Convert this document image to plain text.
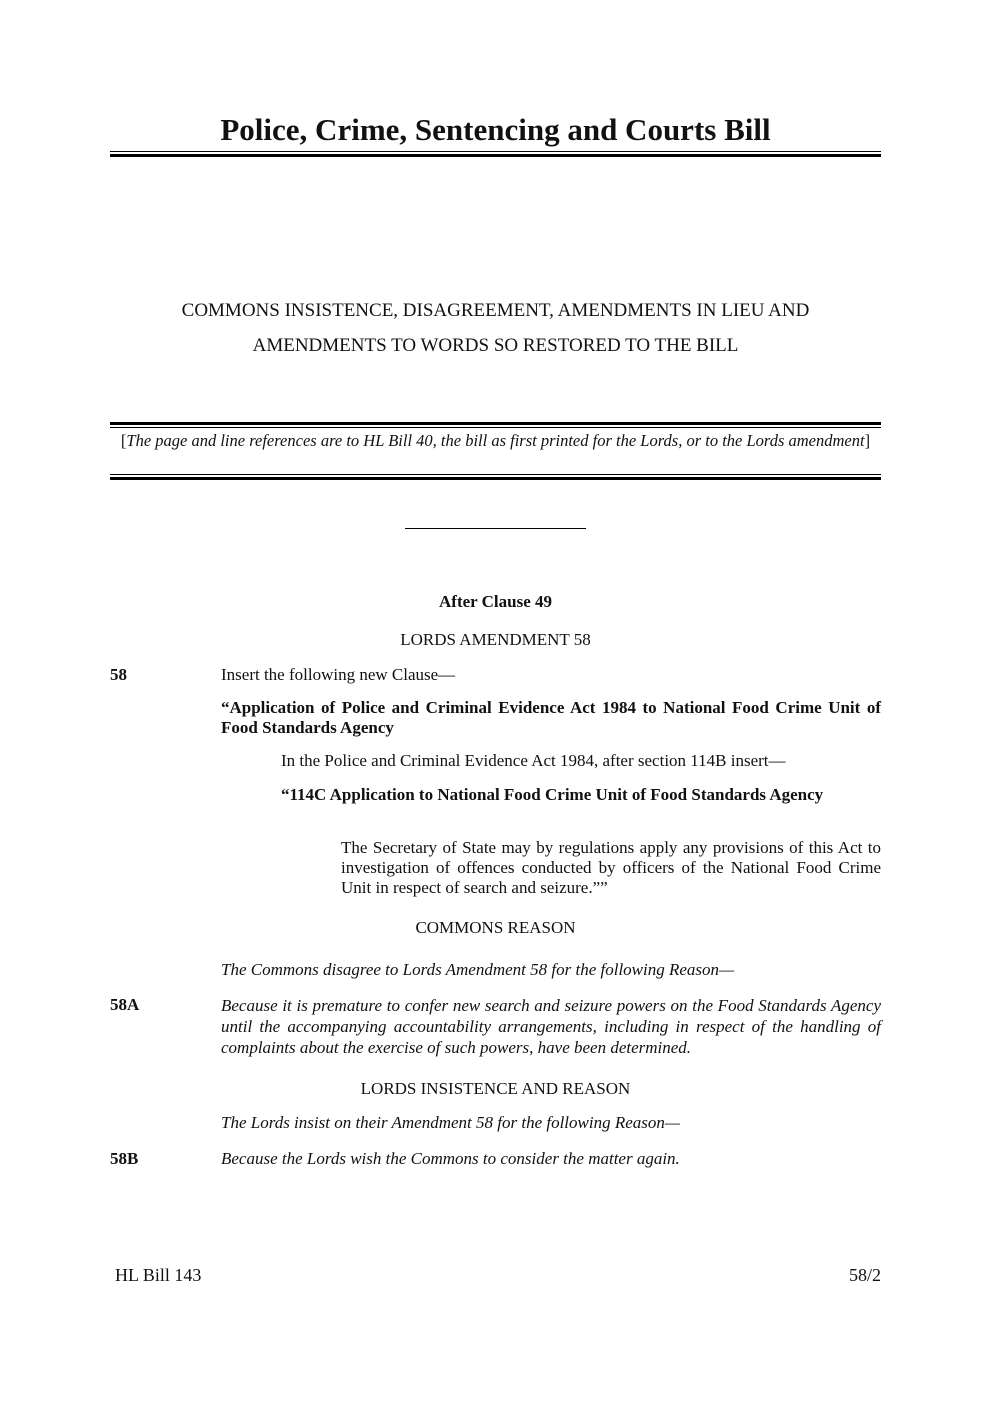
Police, Crime, Sentencing and Courts Bill
COMMONS INSISTENCE, DISAGREEMENT, AMENDMENTS IN LIEU AND
AMENDMENTS TO WORDS SO RESTORED TO THE BILL
[The page and line references are to HL Bill 40, the bill as first printed for the Lords, or to the Lords amendment]
After Clause 49
LORDS AMENDMENT 58
58	Insert the following new Clause—
“Application of Police and Criminal Evidence Act 1984 to National Food Crime Unit of Food Standards Agency
In the Police and Criminal Evidence Act 1984, after section 114B insert—
“114C Application to National Food Crime Unit of Food Standards Agency
The Secretary of State may by regulations apply any provisions of this Act to investigation of offences conducted by officers of the National Food Crime Unit in respect of search and seizure.””
COMMONS REASON
The Commons disagree to Lords Amendment 58 for the following Reason—
58A	Because it is premature to confer new search and seizure powers on the Food Standards Agency until the accompanying accountability arrangements, including in respect of the handling of complaints about the exercise of such powers, have been determined.
LORDS INSISTENCE AND REASON
The Lords insist on their Amendment 58 for the following Reason—
58B	Because the Lords wish the Commons to consider the matter again.
HL Bill 143	58/2
